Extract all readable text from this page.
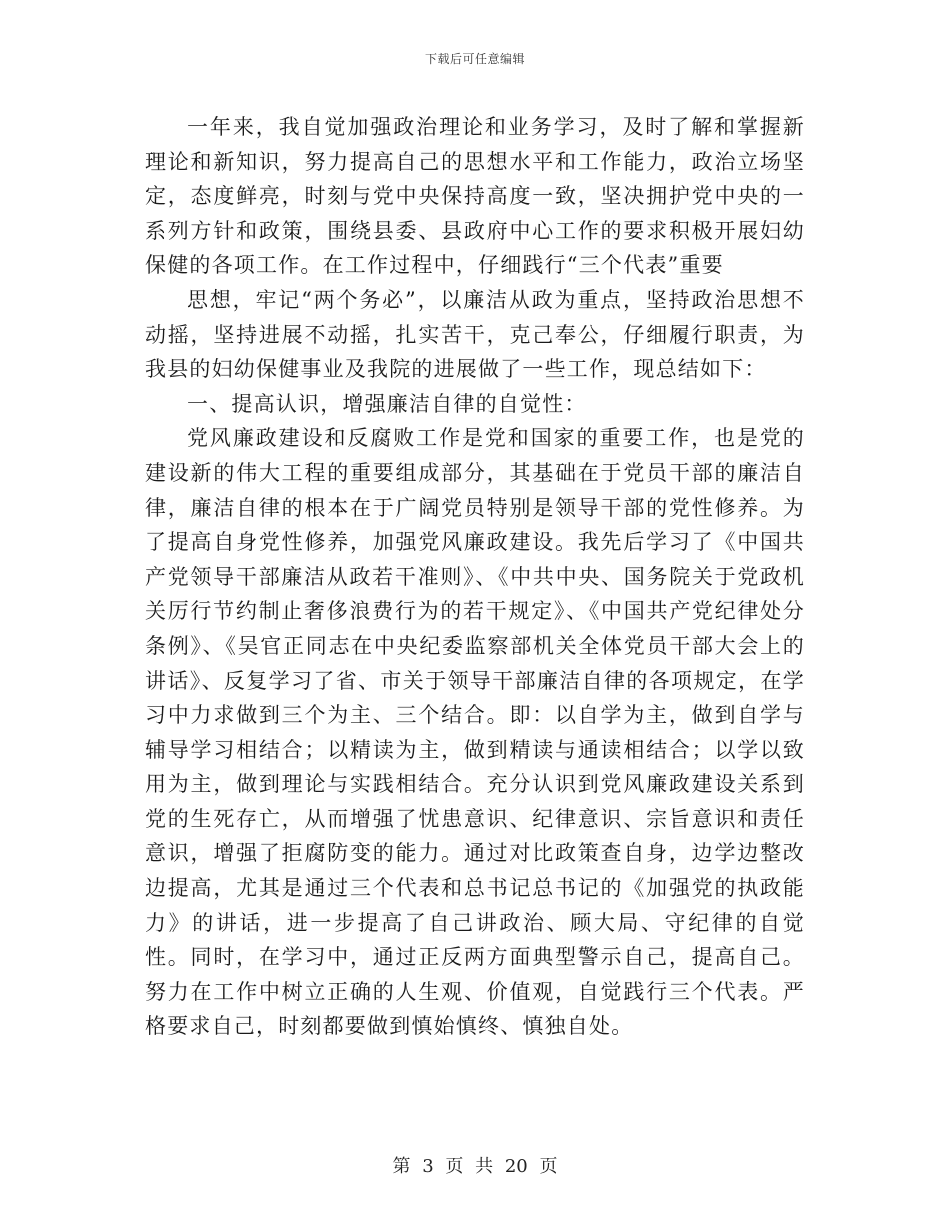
下载后可任意编辑

一年来，我自觉加强政治理论和业务学习，及时了解和掌握新理论和新知识，努力提高自己的思想水平和工作能力，政治立场坚定，态度鲜亮，时刻与党中央保持高度一致，坚决拥护党中央的一系列方针和政策，围绕县委、县政府中心工作的要求积极开展妇幼保健的各项工作。在工作过程中，仔细践行“三个代表”重要

思想，牢记“两个务必”，以廉洁从政为重点，坚持政治思想不动摇，坚持进展不动摇，扎实苦干，克己奉公，仔细履行职责，为我县的妇幼保健事业及我院的进展做了一些工作，现总结如下：

一、提高认识，增强廉洁自律的自觉性：

党风廉政建设和反腐败工作是党和国家的重要工作，也是党的建设新的伟大工程的重要组成部分，其基础在于党员干部的廉洁自律，廉洁自律的根本在于广阔党员特别是领导干部的党性修养。为了提高自身党性修养，加强党风廉政建设。我先后学习了《中国共产党领导干部廉洁从政若干准则》、《中共中央、国务院关于党政机关厉行节约制止奢侈浪费行为的若干规定》、《中国共产党纪律处分条例》、《吴官正同志在中央纪委监察部机关全体党员干部大会上的讲话》、反复学习了省、市关于领导干部廉洁自律的各项规定，在学习中力求做到三个为主、三个结合。即：以自学为主，做到自学与辅导学习相结合；以精读为主，做到精读与通读相结合；以学以致用为主，做到理论与实践相结合。充分认识到党风廉政建设关系到党的生死存亡，从而增强了忧患意识、纪律意识、宗旨意识和责任意识，增强了拒腐防变的能力。通过对比政策查自身，边学边整改边提高，尤其是通过三个代表和总书记总书记的《加强党的执政能力》的讲话，进一步提高了自己讲政治、顾大局、守纪律的自觉性。同时，在学习中，通过正反两方面典型警示自己，提高自己。努力在工作中树立正确的人生观、价值观，自觉践行三个代表。严格要求自己，时刻都要做到慎始慎终、慎独自处。

第 3 页 共 20 页
